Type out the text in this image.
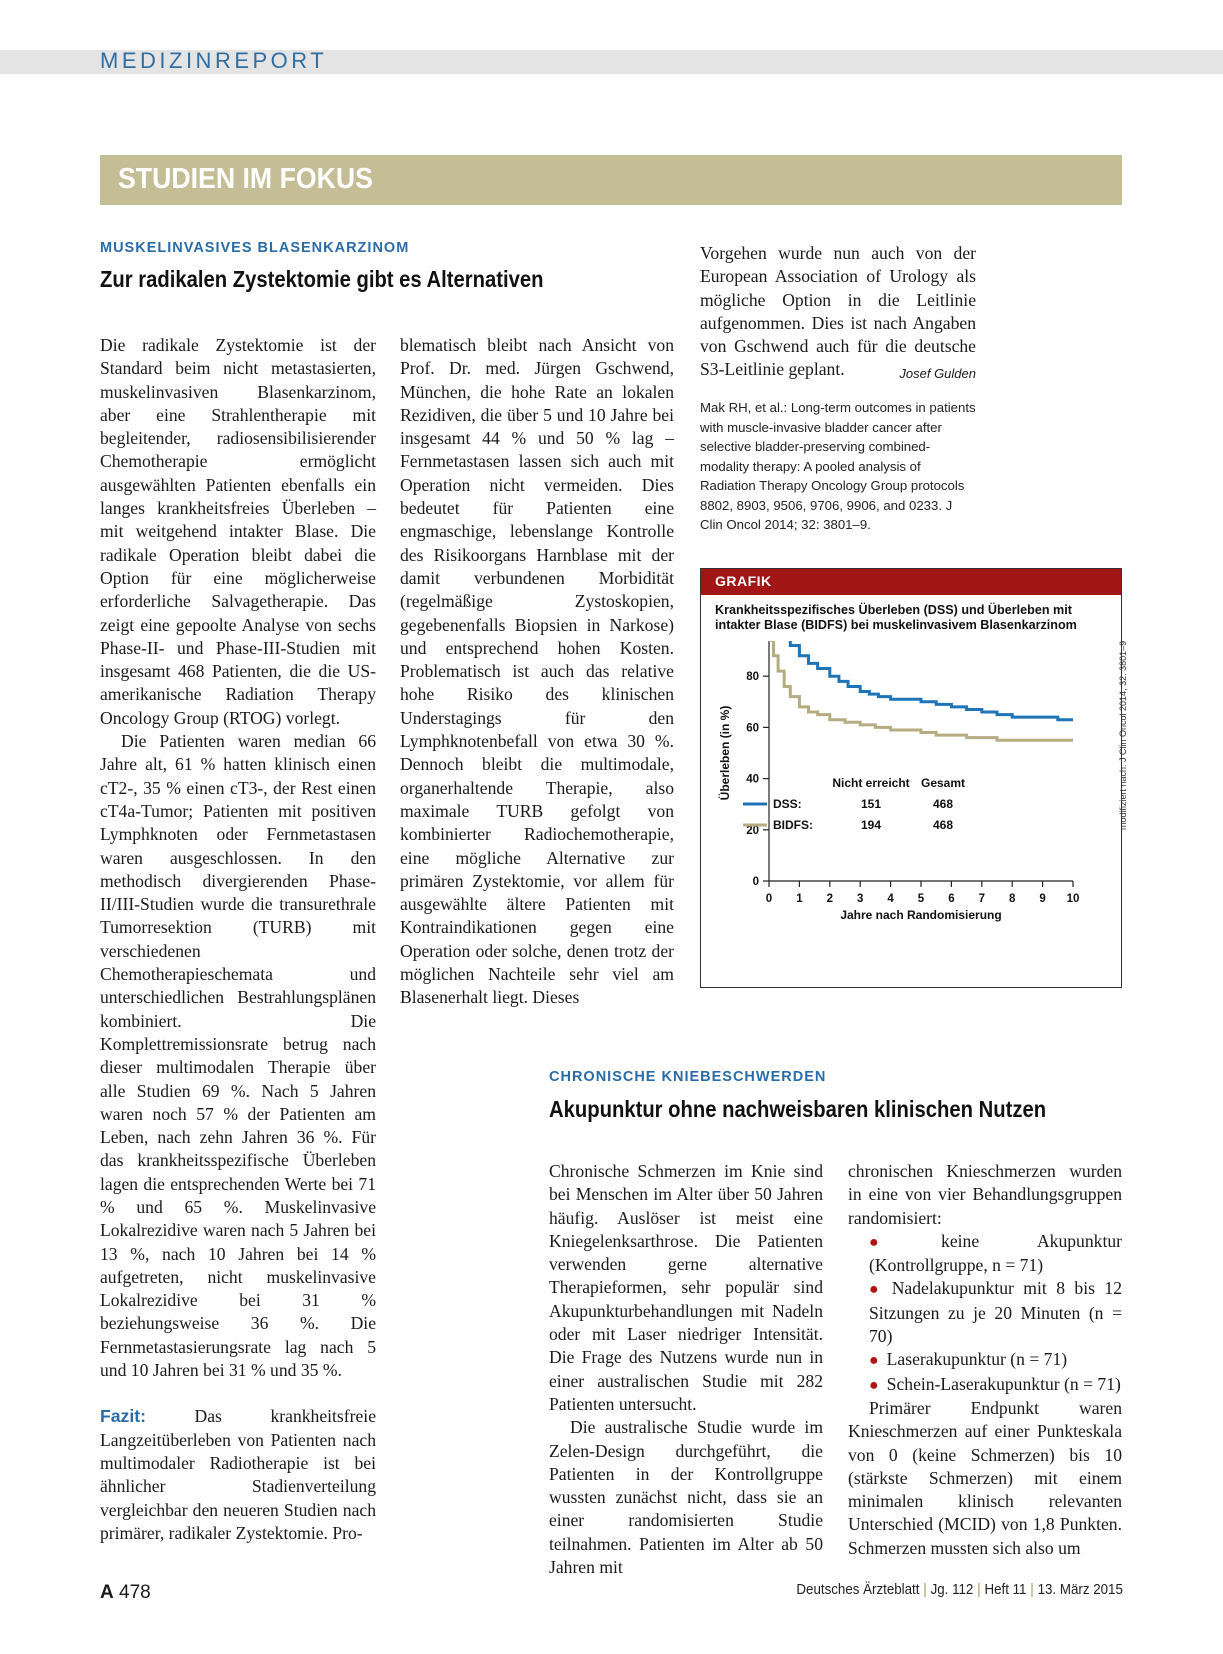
MEDIZINREPORT
STUDIEN IM FOKUS
MUSKELINVASIVES BLASENKARZINOM
Zur radikalen Zystektomie gibt es Alternativen

Die radikale Zystektomie ist der Standard beim nicht metastasierten, muskelinvasiven Blasenkarzinom, aber eine Strahlentherapie mit begleitender, radiosensibilisierender Chemotherapie ermöglicht ausgewählten Patienten ebenfalls ein langes krankheitsfreies Überleben – mit weitgehend intakter Blase. Die radikale Operation bleibt dabei die Option für eine möglicherweise erforderliche Salvagetherapie. Das zeigt eine gepoolte Analyse von sechs Phase-II- und Phase-III-Studien mit insgesamt 468 Patienten, die die US-amerikanische Radiation Therapy Oncology Group (RTOG) vorlegt.

Die Patienten waren median 66 Jahre alt, 61 % hatten klinisch einen cT2-, 35 % einen cT3-, der Rest einen cT4a-Tumor; Patienten mit positiven Lymphknoten oder Fernmetastasen waren ausgeschlossen. In den methodisch divergierenden Phase-II/III-Studien wurde die transurethrale Tumorresektion (TURB) mit verschiedenen Chemotherapieschemata und unterschiedlichen Bestrahlungsplänen kombiniert. Die Komplettremissionsrate betrug nach dieser multimodalen Therapie über alle Studien 69 %. Nach 5 Jahren waren noch 57 % der Patienten am Leben, nach zehn Jahren 36 %. Für das krankheitsspezifische Überleben lagen die entsprechenden Werte bei 71 % und 65 %. Muskelinvasive Lokalrezidive waren nach 5 Jahren bei 13 %, nach 10 Jahren bei 14 % aufgetreten, nicht muskelinvasive Lokalrezidive bei 31 % beziehungsweise 36 %. Die Fernmetastasierungsrate lag nach 5 und 10 Jahren bei 31 % und 35 %.

Fazit: Das krankheitsfreie Langzeitüberleben von Patienten nach multimodaler Radiotherapie ist bei ähnlicher Stadienverteilung vergleichbar den neueren Studien nach primärer, radikaler Zystektomie. Pro-

blematisch bleibt nach Ansicht von Prof. Dr. med. Jürgen Gschwend, München, die hohe Rate an lokalen Rezidiven, die über 5 und 10 Jahre bei insgesamt 44 % und 50 % lag – Fernmetastasen lassen sich auch mit Operation nicht vermeiden. Dies bedeutet für Patienten eine engmaschige, lebenslange Kontrolle des Risikoorgans Harnblase mit der damit verbundenen Morbidität (regelmäßige Zystoskopien, gegebenenfalls Biopsien in Narkose) und entsprechend hohen Kosten. Problematisch ist auch das relative hohe Risiko des klinischen Understagings für den Lymphknotenbefall von etwa 30 %. Dennoch bleibt die multimodale, organerhaltende Therapie, also maximale TURB gefolgt von kombinierter Radiochemotherapie, eine mögliche Alternative zur primären Zystektomie, vor allem für ausgewählte ältere Patienten mit Kontraindikationen gegen eine Operation oder solche, denen trotz der möglichen Nachteile sehr viel am Blasenerhalt liegt. Dieses

Vorgehen wurde nun auch von der European Association of Urology als mögliche Option in die Leitlinie aufgenommen. Dies ist nach Angaben von Gschwend auch für die deutsche S3-Leitlinie geplant.	Josef Gulden

Mak RH, et al.: Long-term outcomes in patients with muscle-invasive bladder cancer after selective bladder-preserving combined-modality therapy: A pooled analysis of Radiation Therapy Oncology Group protocols 8802, 8903, 9506, 9706, 9906, and 0233. J Clin Oncol 2014; 32: 3801–9.
GRAFIK
Krankheitsspezifisches Überleben (DSS) und Überleben mit intakter Blase (BIDFS) bei muskelinvasivem Blasenkarzinom
0
20
40
60
80
0 1 2 3 4 5 6 7 8 9 10
Jahre nach Randomisierung
Überleben (in %)	Nicht erreicht Gesamt
DSS:	151	468
BIDFS:	194	468	modifiziert nach: J Clin Oncol 2014; 32: 3801–9
CHRONISCHE KNIEBESCHWERDEN
Akupunktur ohne nachweisbaren klinischen Nutzen

Chronische Schmerzen im Knie sind bei Menschen im Alter über 50 Jahren häufig. Auslöser ist meist eine Kniegelenksarthrose. Die Patienten verwenden gerne alternative Therapieformen, sehr populär sind Akupunkturbehandlungen mit Nadeln oder mit Laser niedriger Intensität. Die Frage des Nutzens wurde nun in einer australischen Studie mit 282 Patienten untersucht.

Die australische Studie wurde im Zelen-Design durchgeführt, die Patienten in der Kontrollgruppe wussten zunächst nicht, dass sie an einer randomisierten Studie teilnahmen. Patienten im Alter ab 50 Jahren mit

chronischen Knieschmerzen wurden in eine von vier Behandlungsgruppen randomisiert:

● keine Akupunktur (Kontrollgruppe, n = 71)

● Nadelakupunktur mit 8 bis 12 Sitzungen zu je 20 Minuten (n = 70)

● Laserakupunktur (n = 71)

● Schein-Laserakupunktur (n = 71)

Primärer Endpunkt waren Knieschmerzen auf einer Punkteskala von 0 (keine Schmerzen) bis 10 (stärkste Schmerzen) mit einem minimalen klinisch relevanten Unterschied (MCID) von 1,8 Punkten. Schmerzen mussten sich also um

A 478	Deutsches Ärzteblatt | Jg. 112 | Heft 11 | 13. März 2015
